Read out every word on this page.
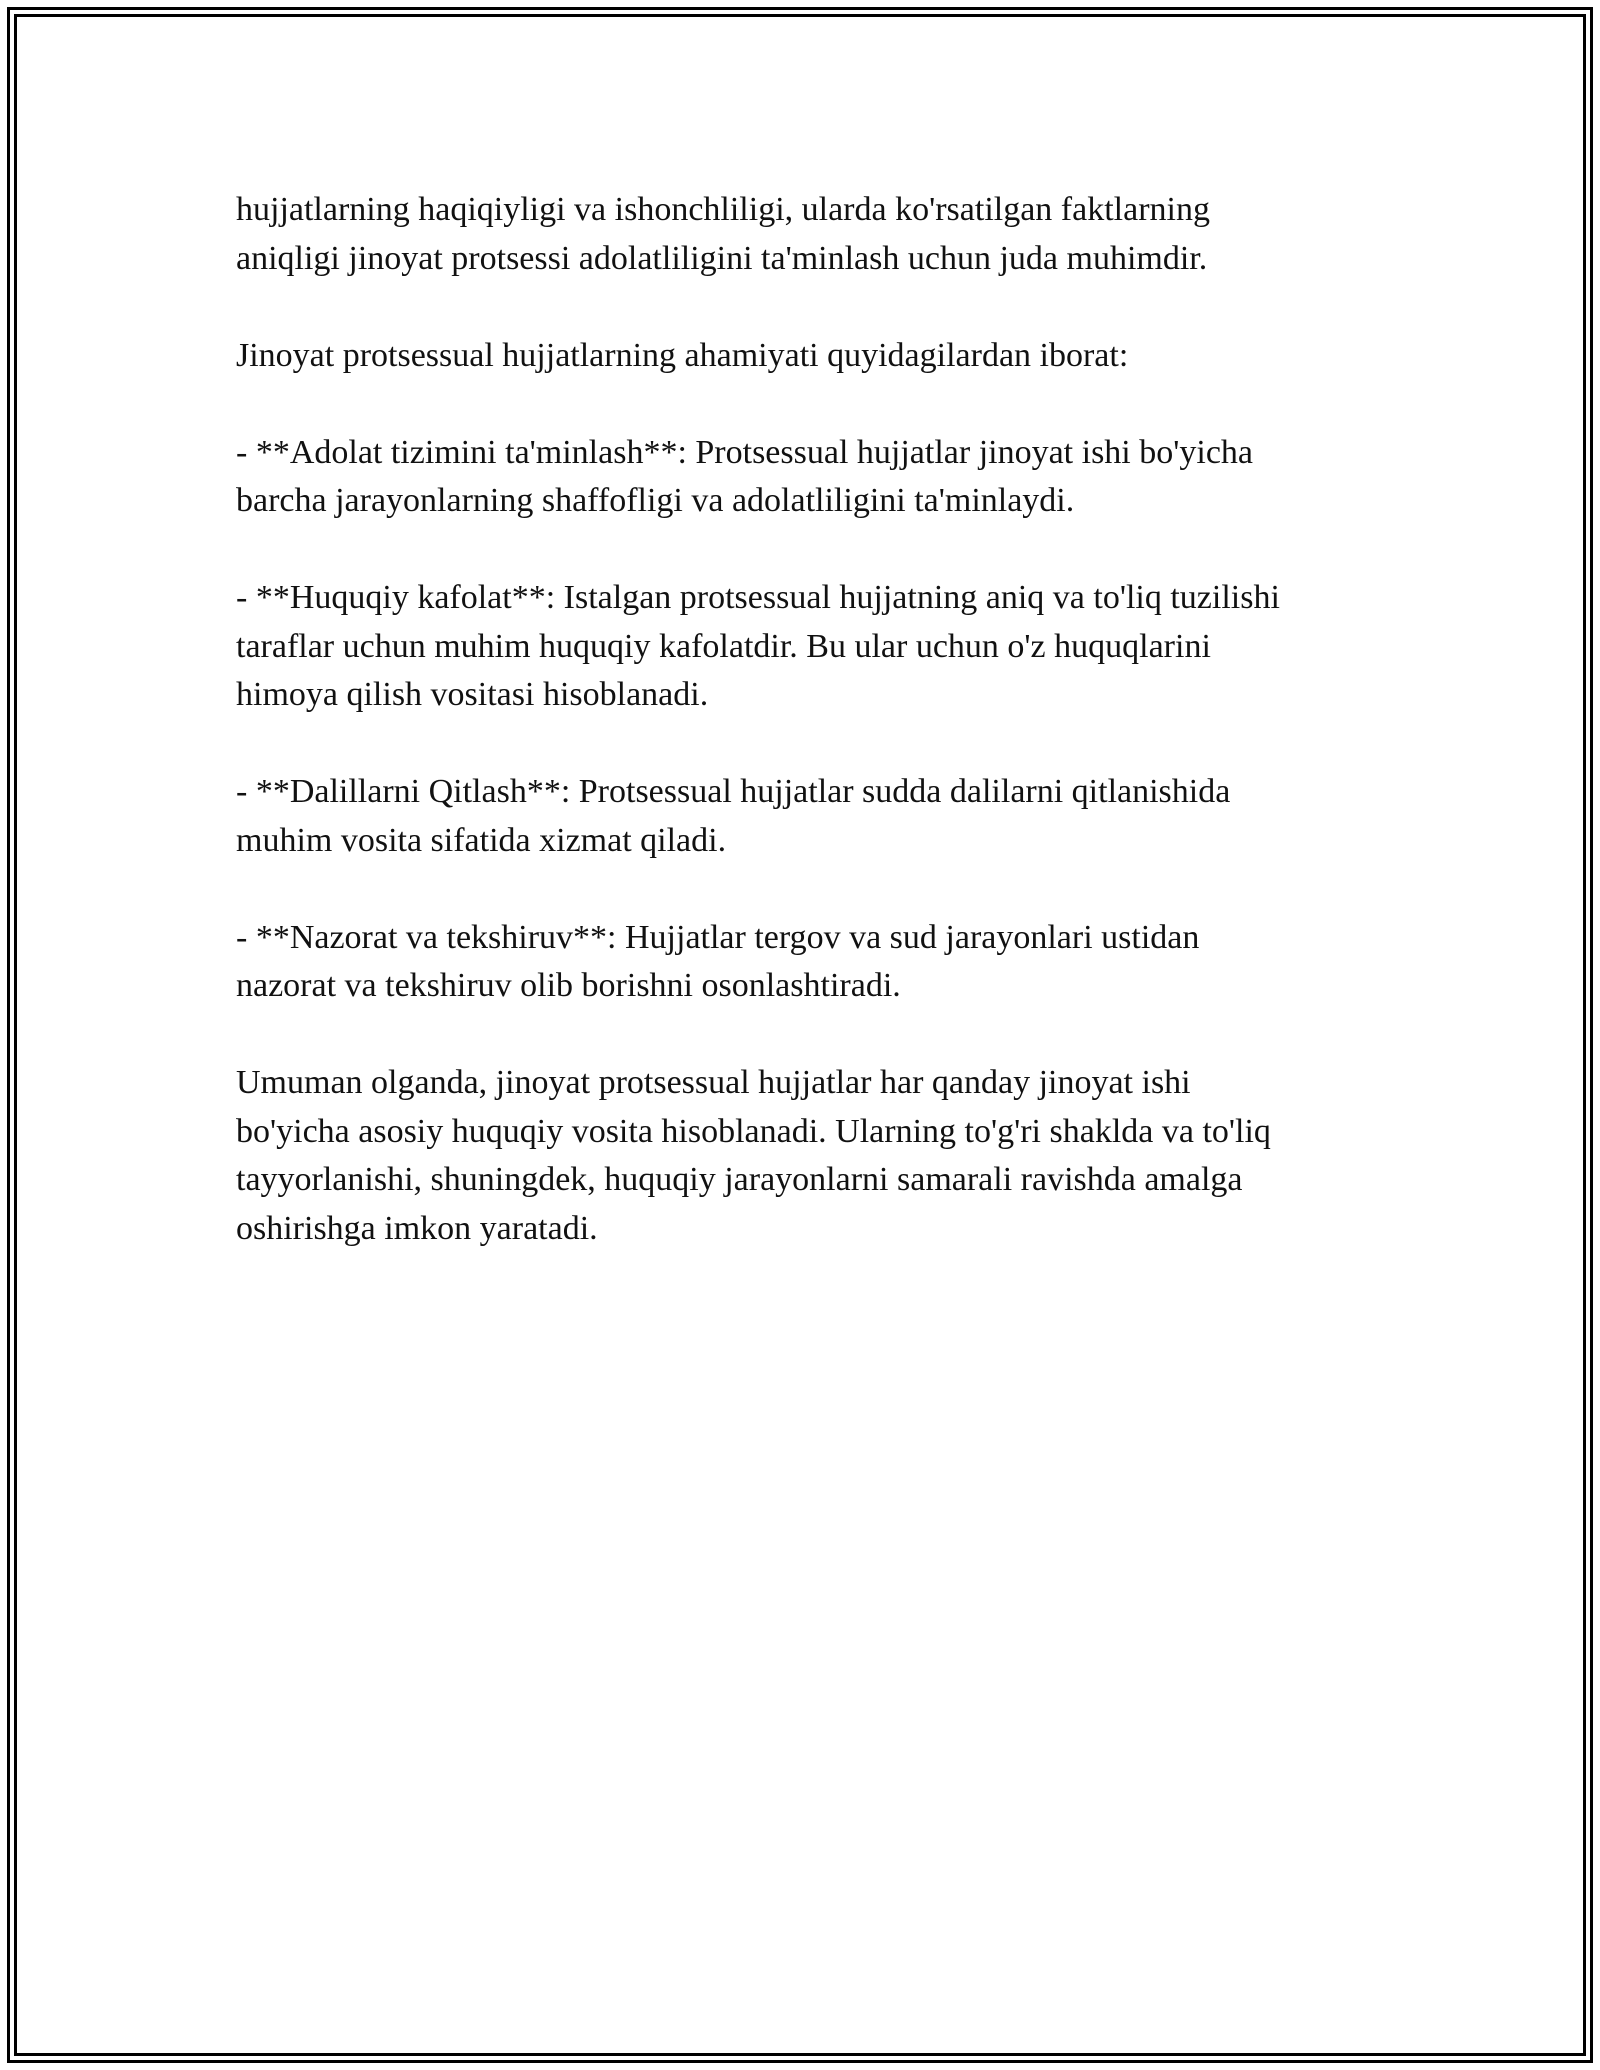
hujjatlarning haqiqiyligi va ishonchliligi, ularda ko'rsatilgan faktlarning
aniqligi jinoyat protsessi adolatliligini ta'minlash uchun juda muhimdir.

Jinoyat protsessual hujjatlarning ahamiyati quyidagilardan iborat:

- **Adolat tizimini ta'minlash**: Protsessual hujjatlar jinoyat ishi bo'yicha
barcha jarayonlarning shaffofligi va adolatliligini ta'minlaydi.

- **Huquqiy kafolat**: Istalgan protsessual hujjatning aniq va to'liq tuzilishi
taraflar uchun muhim huquqiy kafolatdir. Bu ular uchun o'z huquqlarini
himoya qilish vositasi hisoblanadi.

- **Dalillarni Qitlash**: Protsessual hujjatlar sudda dalilarni qitlanishida
muhim vosita sifatida xizmat qiladi.

- **Nazorat va tekshiruv**: Hujjatlar tergov va sud jarayonlari ustidan
nazorat va tekshiruv olib borishni osonlashtiradi.

Umuman olganda, jinoyat protsessual hujjatlar har qanday jinoyat ishi
bo'yicha asosiy huquqiy vosita hisoblanadi. Ularning to'g'ri shaklda va to'liq
tayyorlanishi, shuningdek, huquqiy jarayonlarni samarali ravishda amalga
oshirishga imkon yaratadi.
